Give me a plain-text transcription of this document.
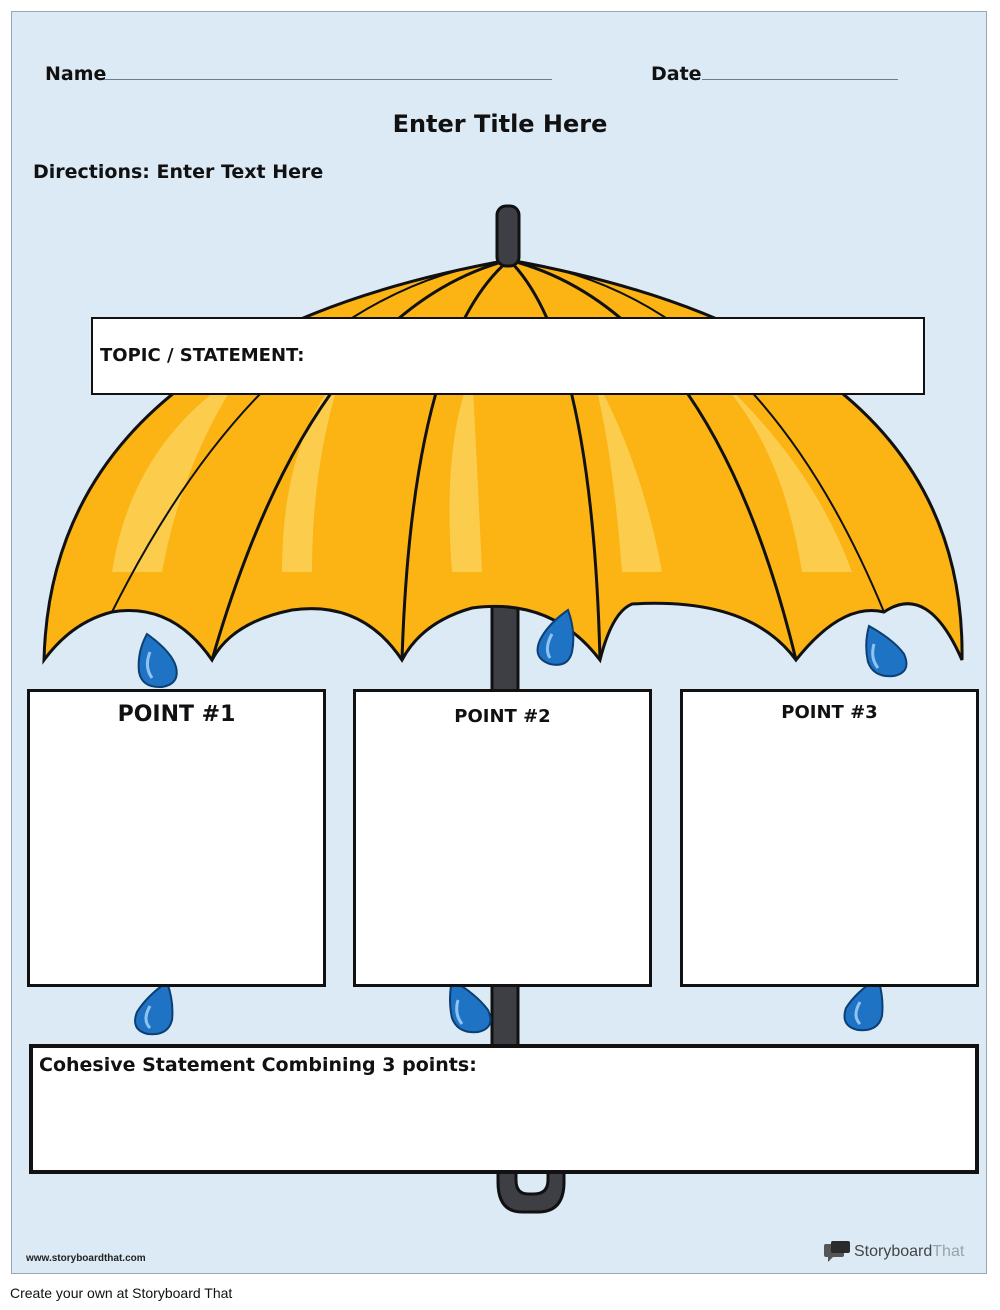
Name	Date
Enter Title Here
Directions: Enter Text Here
TOPIC / STATEMENT:
POINT #1	POINT #2	POINT #3
Cohesive Statement Combining 3 points:
www.storyboardthat.com	StoryboardThat
Create your own at Storyboard That
